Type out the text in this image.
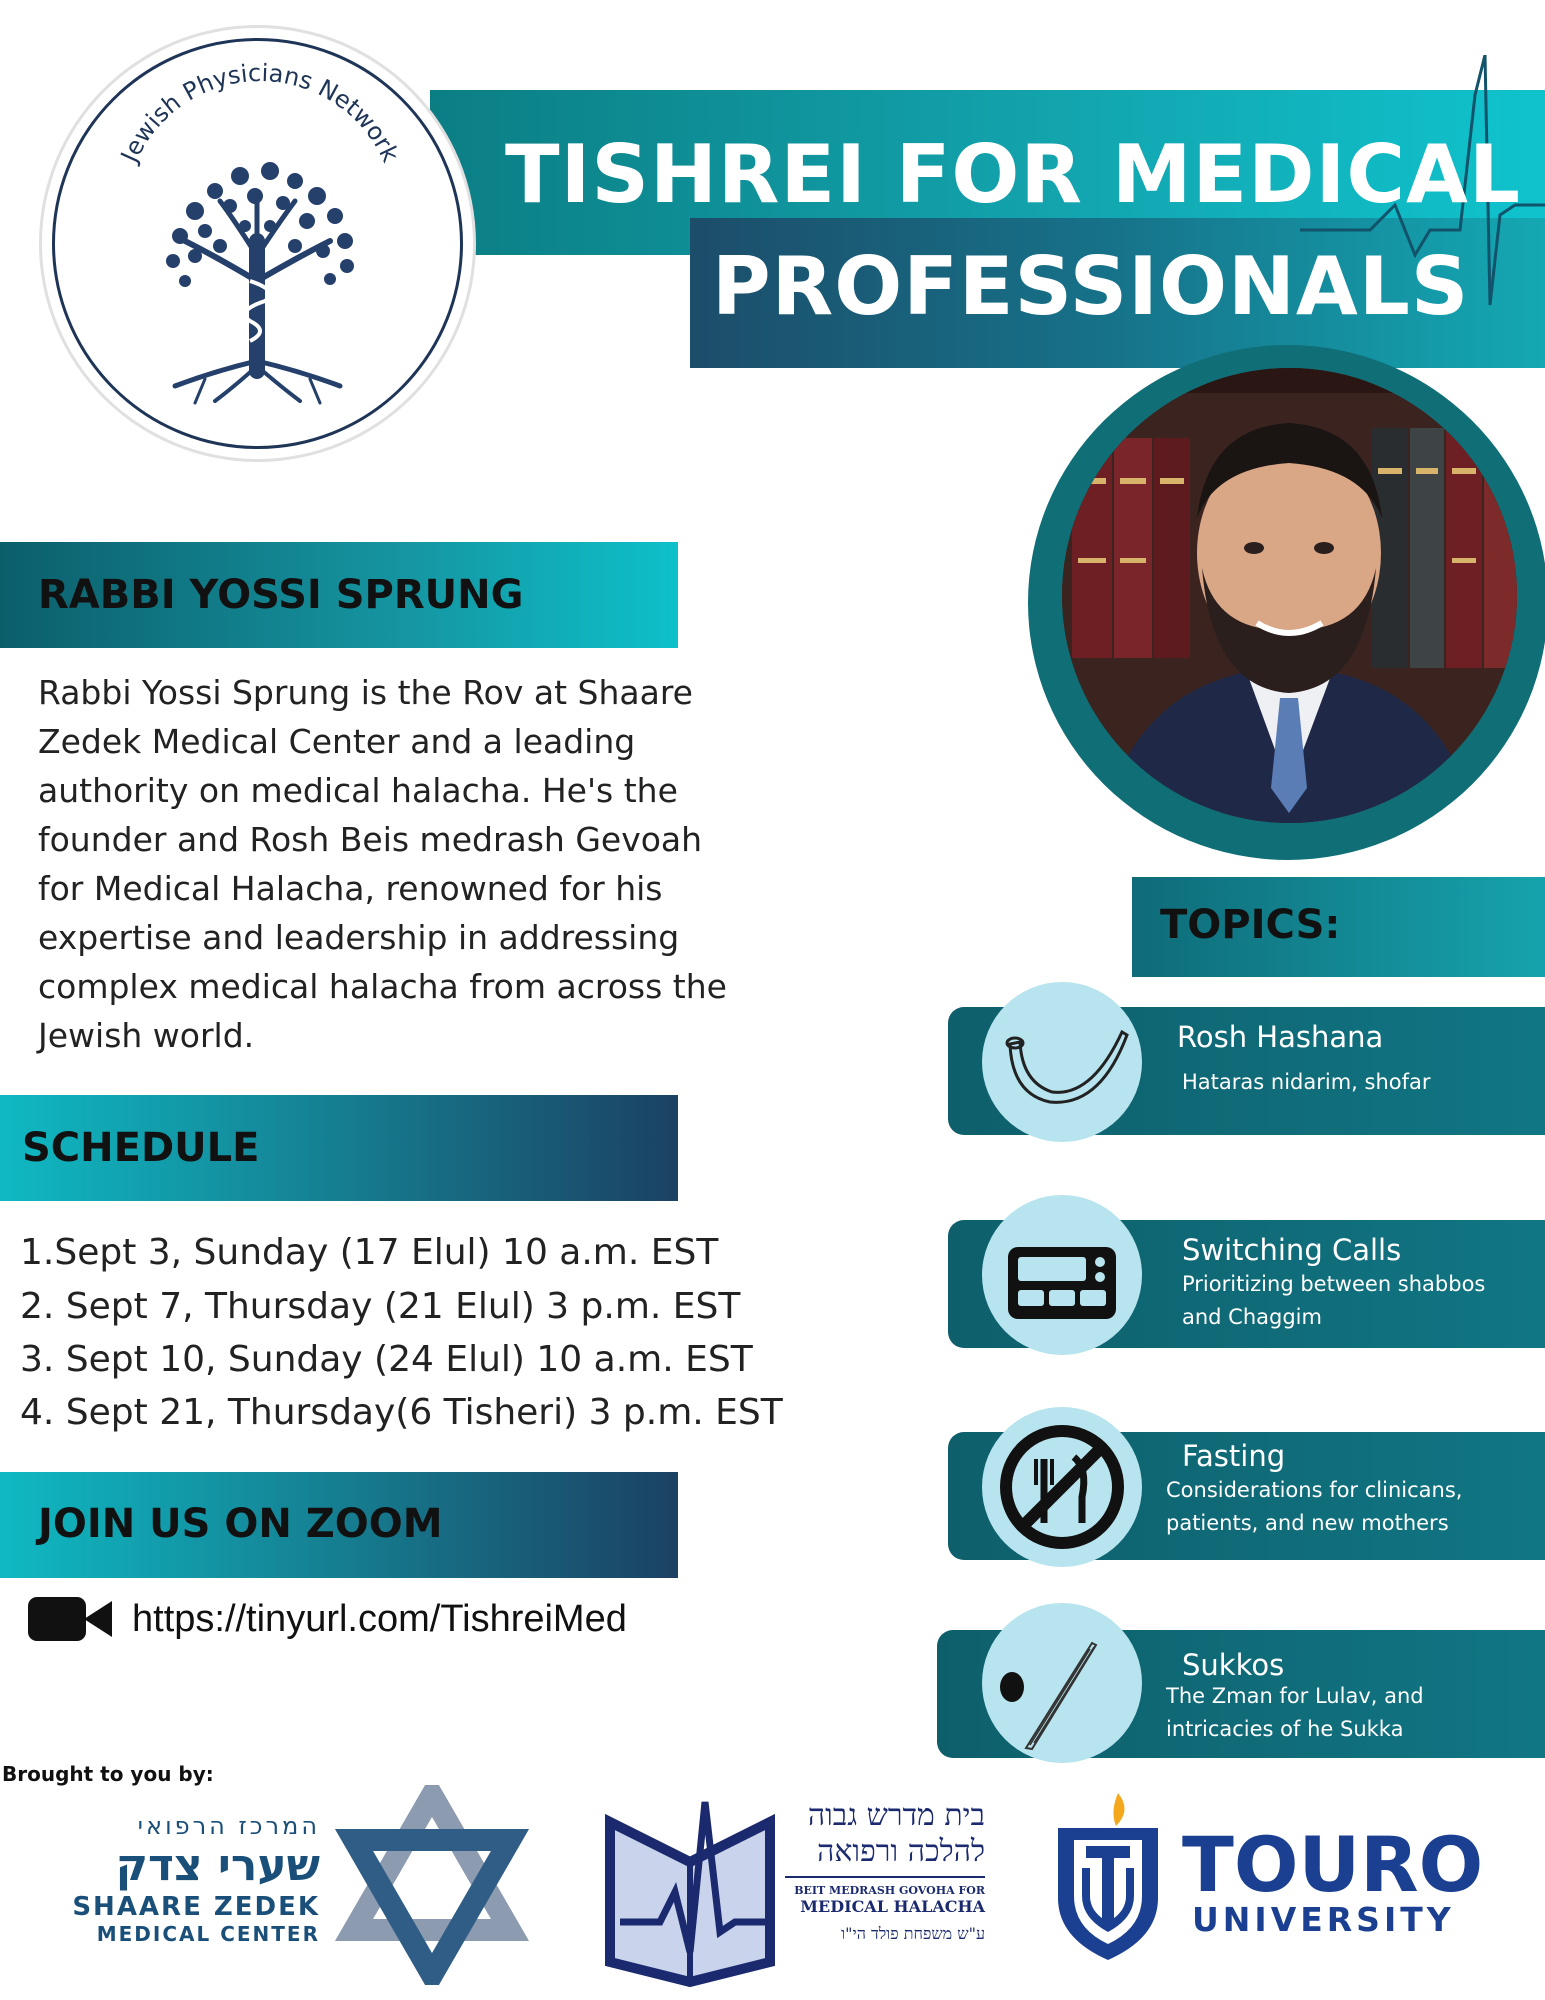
TISHREI FOR MEDICAL
PROFESSIONALS
Jewish Physicians Network
RABBI YOSSI SPRUNG
Rabbi Yossi Sprung is the Rov at Shaare
Zedek Medical Center and a leading
authority on medical halacha. He's the
founder and Rosh Beis medrash Gevoah
for Medical Halacha, renowned for his
expertise and leadership in addressing
complex medical halacha from across the
Jewish world.
SCHEDULE
1.Sept 3, Sunday (17 Elul) 10 a.m. EST
2. Sept 7, Thursday (21 Elul) 3 p.m. EST
3. Sept 10, Sunday (24 Elul) 10 a.m. EST
4. Sept 21, Thursday(6 Tisheri) 3 p.m. EST
JOIN US ON ZOOM
https://tinyurl.com/TishreiMed
TOPICS:
Rosh Hashana
Hataras nidarim, shofar
Switching Calls
Prioritizing between shabbos
and Chaggim
Fasting
Considerations for clinicans,
patients, and new mothers
Sukkos
The Zman for Lulav, and
intricacies of he Sukka
Brought to you by:
המרכז הרפואי
שערי צדק
SHAARE ZEDEK
MEDICAL CENTER
בית מדרש גבוה
להלכה ורפואה
BEIT MEDRASH GOVOHA FOR
MEDICAL HALACHA
ע"ש משפחת פולד הי"ו
TOURO
UNIVERSITY
